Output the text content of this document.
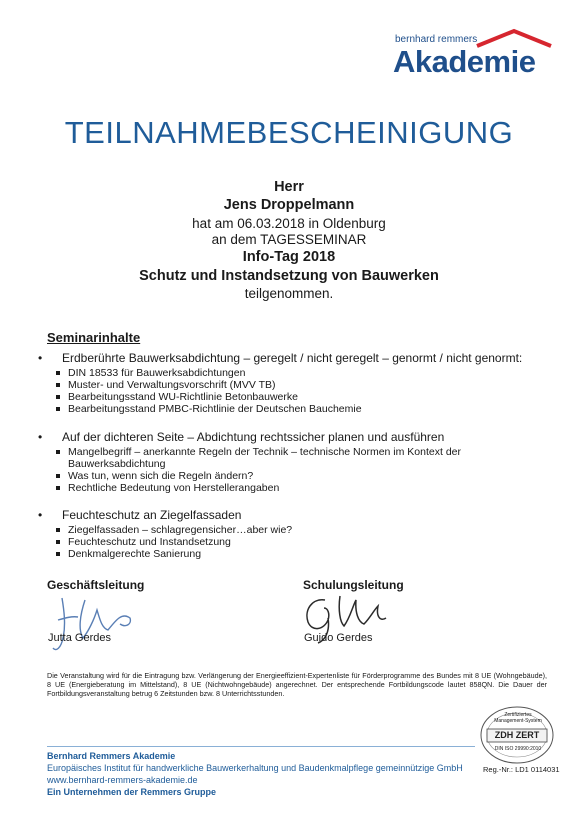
bernhard remmers
Akademie
TEILNAHMEBESCHEINIGUNG
Herr
Jens Droppelmann
hat am 06.03.2018 in Oldenburg
an dem TAGESSEMINAR
Info-Tag 2018
Schutz und Instandsetzung von Bauwerken
teilgenommen.
Seminarinhalte
• Erdberührte Bauwerksabdichtung – geregelt / nicht geregelt – genormt / nicht genormt:
DIN 18533 für Bauwerksabdichtungen
Muster- und Verwaltungsvorschrift (MVV TB)
Bearbeitungsstand WU-Richtlinie Betonbauwerke
Bearbeitungsstand PMBC-Richtlinie der Deutschen Bauchemie
• Auf der dichteren Seite – Abdichtung rechtssicher planen und ausführen
Mangelbegriff – anerkannte Regeln der Technik – technische Normen im Kontext der Bauwerksabdichtung
Was tun, wenn sich die Regeln ändern?
Rechtliche Bedeutung von Herstellerangaben
• Feuchteschutz an Ziegelfassaden
Ziegelfassaden – schlagregensicher…aber wie?
Feuchteschutz und Instandsetzung
Denkmalgerechte Sanierung
Geschäftsleitung
Jutta Gerdes
Schulungsleitung
Guido Gerdes
Die Veranstaltung wird für die Eintragung bzw. Verlängerung der Energieeffizient-Expertenliste für Förderprogramme des Bundes mit 8 UE (Wohngebäude), 8 UE (Energieberatung im Mittelstand), 8 UE (Nichtwohngebäude) angerechnet. Der entsprechende Fortbildungscode lautet 858QN. Die Dauer der Fortbildungsveranstaltung betrug 6 Zeitstunden bzw. 8 Unterrichtsstunden.
Zertifiziertes Management-System
ZDH ZERT
DIN ISO 29990:2010
Reg.-Nr.: LD1 0114031
Bernhard Remmers Akademie
Europäisches Institut für handwerkliche Bauwerkerhaltung und Baudenkmalpflege gemeinnützige GmbH
www.bernhard-remmers-akademie.de
Ein Unternehmen der Remmers Gruppe
